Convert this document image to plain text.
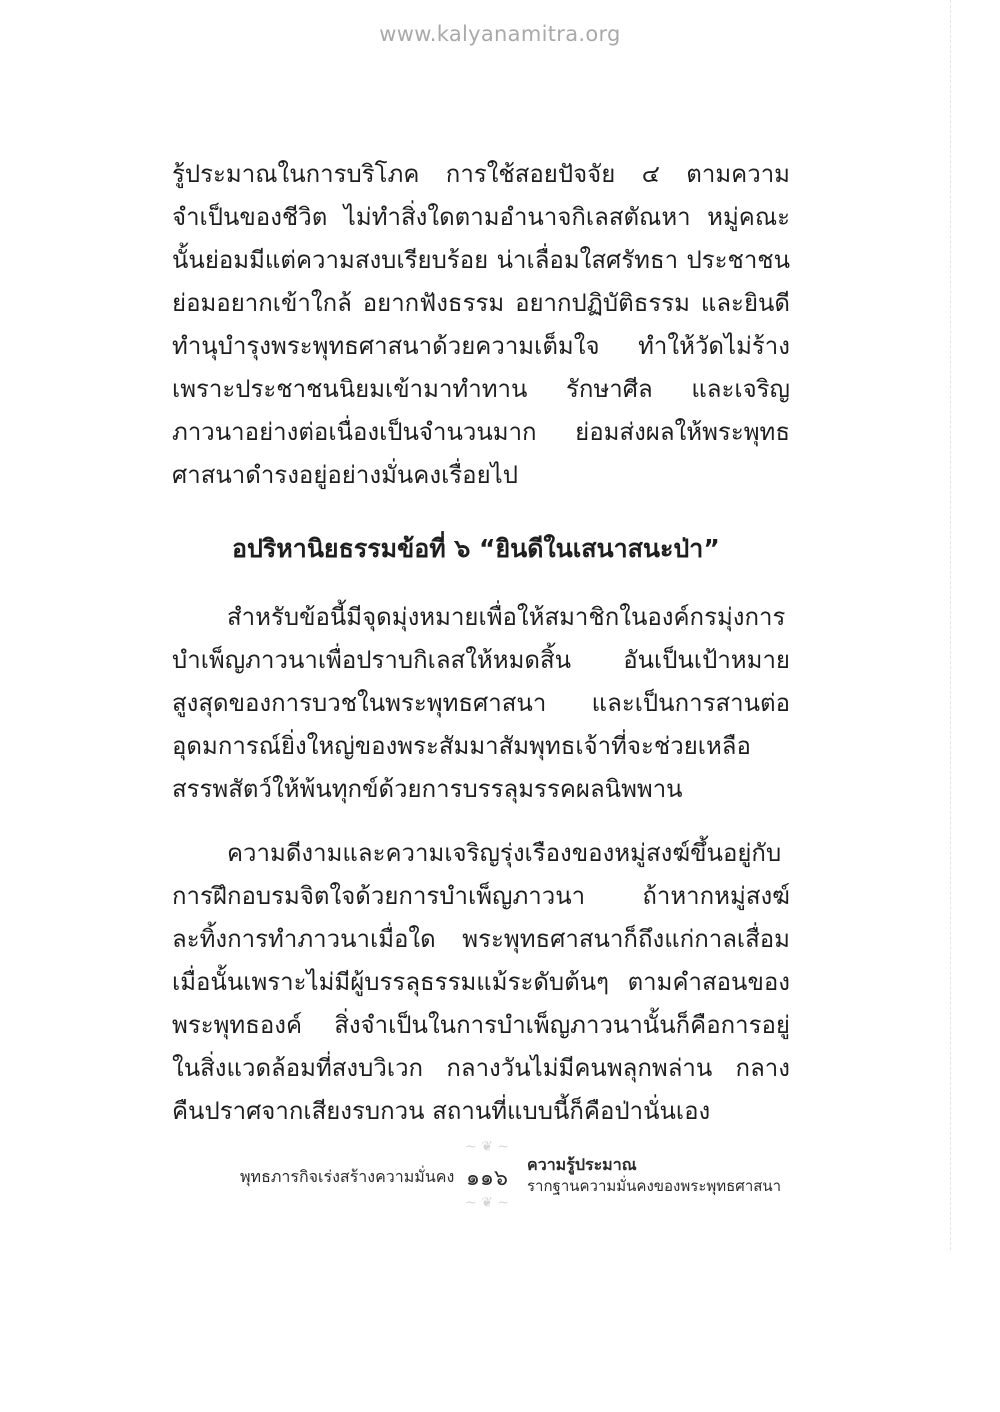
www.kalyanamitra.org

รู้ประมาณในการบริโภค การใช้สอยปัจจัย ๔ ตามความจำเป็นของชีวิต ไม่ทำสิ่งใดตามอำนาจกิเลสตัณหา หมู่คณะนั้นย่อมมีแต่ความสงบเรียบร้อย น่าเลื่อมใสศรัทธา ประชาชนย่อมอยากเข้าใกล้ อยากฟังธรรม อยากปฏิบัติธรรม และยินดีทำนุบำรุงพระพุทธศาสนาด้วยความเต็มใจ ทำให้วัดไม่ร้างเพราะประชาชนนิยมเข้ามาทำทาน รักษาศีล และเจริญภาวนาอย่างต่อเนื่องเป็นจำนวนมาก ย่อมส่งผลให้พระพุทธศาสนาดำรงอยู่อย่างมั่นคงเรื่อยไป

อปริหานิยธรรมข้อที่ ๖ “ยินดีในเสนาสนะป่า”

สำหรับข้อนี้มีจุดมุ่งหมายเพื่อให้สมาชิกในองค์กรมุ่งการบำเพ็ญภาวนาเพื่อปราบกิเลสให้หมดสิ้น อันเป็นเป้าหมายสูงสุดของการบวชในพระพุทธศาสนา และเป็นการสานต่ออุดมการณ์ยิ่งใหญ่ของพระสัมมาสัมพุทธเจ้าที่จะช่วยเหลือสรรพสัตว์ให้พ้นทุกข์ด้วยการบรรลุมรรคผลนิพพาน

ความดีงามและความเจริญรุ่งเรืองของหมู่สงฆ์ขึ้นอยู่กับการฝึกอบรมจิตใจด้วยการบำเพ็ญภาวนา ถ้าหากหมู่สงฆ์ละทิ้งการทำภาวนาเมื่อใด พระพุทธศาสนาก็ถึงแก่กาลเสื่อมเมื่อนั้นเพราะไม่มีผู้บรรลุธรรมแม้ระดับต้นๆ ตามคำสอนของพระพุทธองค์ สิ่งจำเป็นในการบำเพ็ญภาวนานั้นก็คือการอยู่ในสิ่งแวดล้อมที่สงบวิเวก กลางวันไม่มีคนพลุกพล่าน กลางคืนปราศจากเสียงรบกวน สถานที่แบบนี้ก็คือป่านั่นเอง

พุทธภารกิจเร่งสร้างความมั่นคง
~ ❦ ~
๑๑๖
~ ❦ ~
ความรู้ประมาณ
รากฐานความมั่นคงของพระพุทธศาสนา
